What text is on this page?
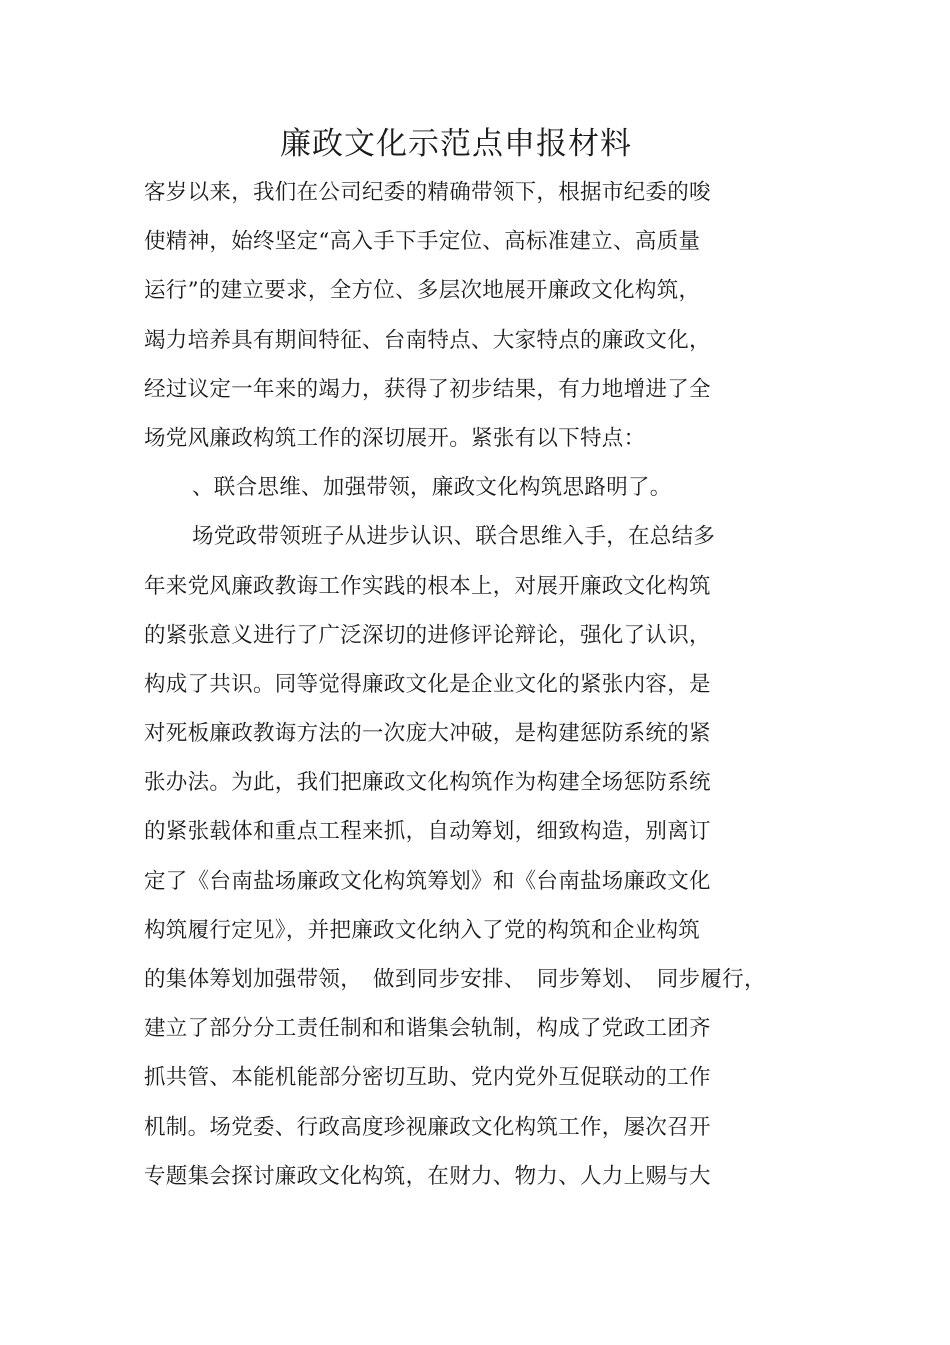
廉政文化示范点申报材料
客岁以来，我们在公司纪委的精确带领下，根据市纪委的唆
使精神，始终坚定“高入手下手定位、高标准建立、高质量
运行”的建立要求，全方位、多层次地展开廉政文化构筑，
竭力培养具有期间特征、台南特点、大家特点的廉政文化，
经过议定一年来的竭力，获得了初步结果，有力地增进了全
场党风廉政构筑工作的深切展开。紧张有以下特点：
、联合思维、加强带领，廉政文化构筑思路明了。
场党政带领班子从进步认识、联合思维入手，在总结多
年来党风廉政教诲工作实践的根本上，对展开廉政文化构筑
的紧张意义进行了广泛深切的进修评论辩论，强化了认识，
构成了共识。同等觉得廉政文化是企业文化的紧张内容，是
对死板廉政教诲方法的一次庞大冲破，是构建惩防系统的紧
张办法。为此，我们把廉政文化构筑作为构建全场惩防系统
的紧张载体和重点工程来抓，自动筹划，细致构造，别离订
定了《台南盐场廉政文化构筑筹划》和《台南盐场廉政文化
构筑履行定见》，并把廉政文化纳入了党的构筑和企业构筑
的集体筹划加强带领，　做到同步安排、　同步筹划、　同步履行，
建立了部分分工责任制和和谐集会轨制，构成了党政工团齐
抓共管、本能机能部分密切互助、党内党外互促联动的工作
机制。场党委、行政高度珍视廉政文化构筑工作，屡次召开
专题集会探讨廉政文化构筑，在财力、物力、人力上赐与大
